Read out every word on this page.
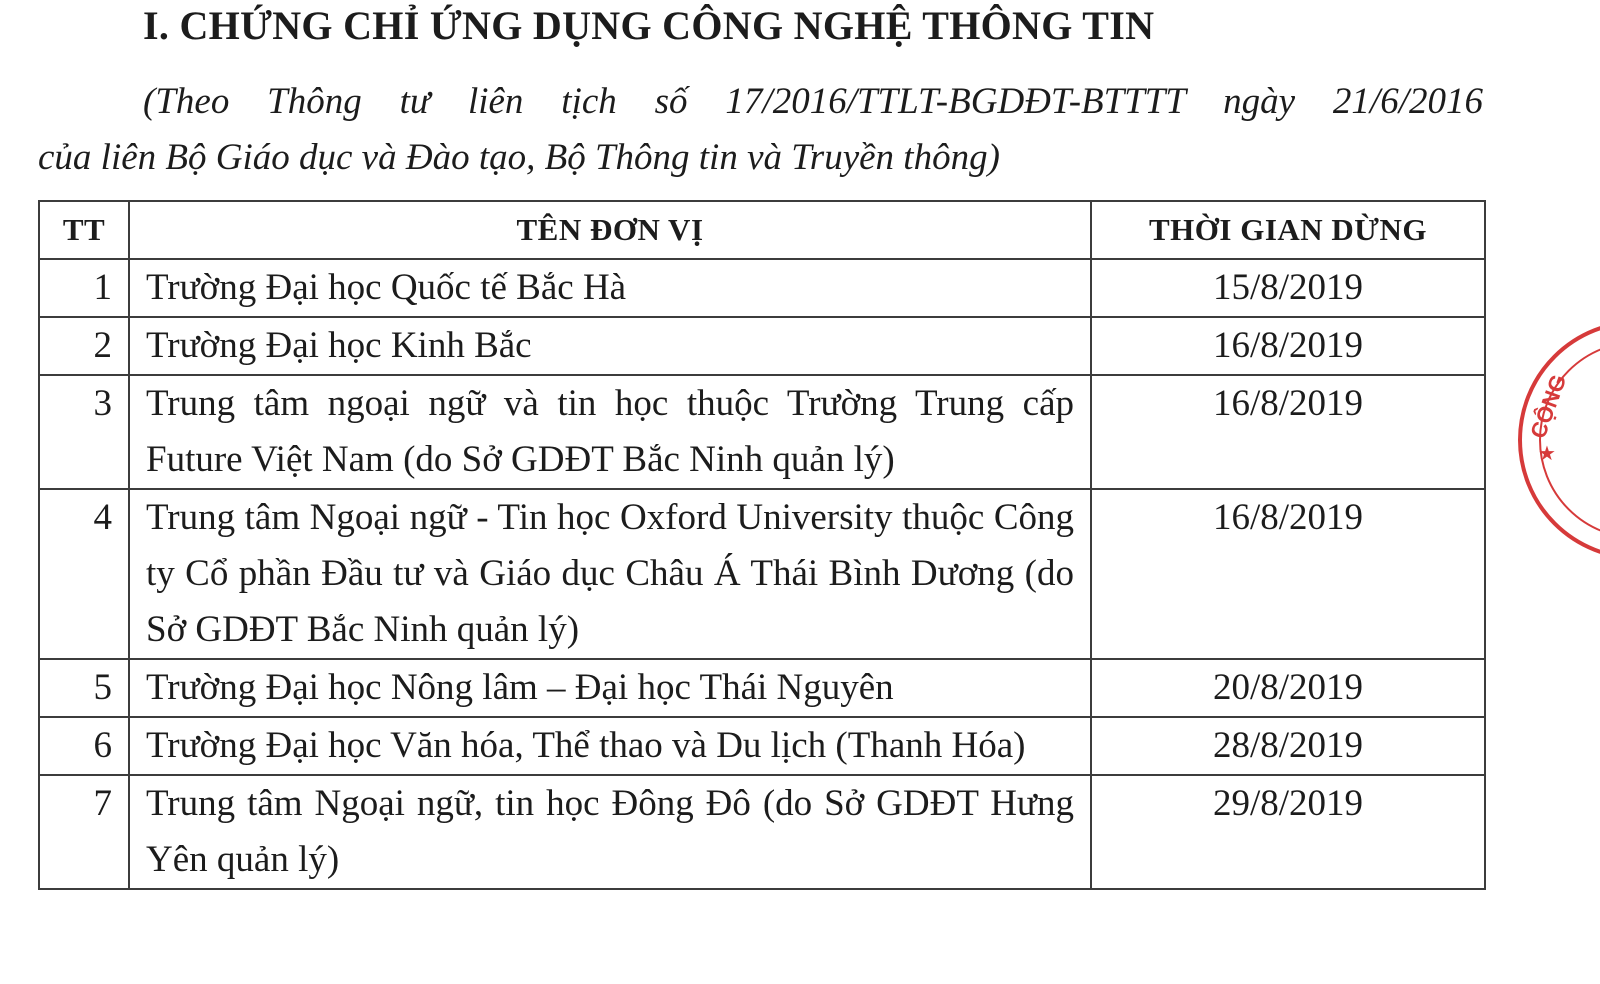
I. CHỨNG CHỈ ỨNG DỤNG CÔNG NGHỆ THÔNG TIN
(Theo Thông tư liên tịch số 17/2016/TTLT-BGDĐT-BTTTT ngày 21/6/2016
của liên Bộ Giáo dục và Đào tạo, Bộ Thông tin và Truyền thông)
TT	TÊN ĐƠN VỊ	THỜI GIAN DỪNG
1	Trường Đại học Quốc tế Bắc Hà	15/8/2019
2	Trường Đại học Kinh Bắc	16/8/2019
3	Trung tâm ngoại ngữ và tin học thuộc Trường Trung cấp Future Việt Nam (do Sở GDĐT Bắc Ninh quản lý)	16/8/2019
4	Trung tâm Ngoại ngữ - Tin học Oxford University thuộc Công ty Cổ phần Đầu tư và Giáo dục Châu Á Thái Bình Dương (do Sở GDĐT Bắc Ninh quản lý)	16/8/2019
5	Trường Đại học Nông lâm – Đại học Thái Nguyên	20/8/2019
6	Trường Đại học Văn hóa, Thể thao và Du lịch (Thanh Hóa)	28/8/2019
7	Trung tâm Ngoại ngữ, tin học Đông Đô (do Sở GDĐT Hưng Yên quản lý)	29/8/2019
CỘNG
★
